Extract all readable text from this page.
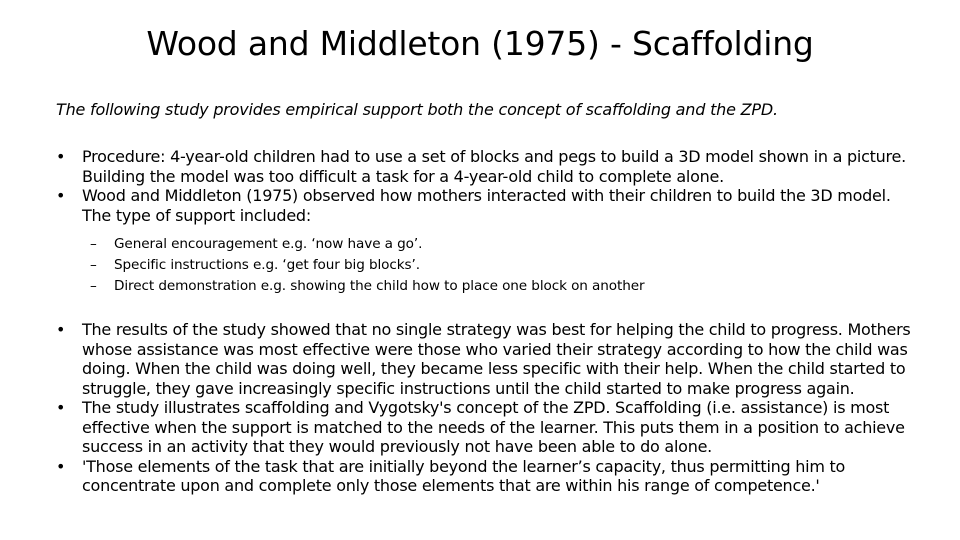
Wood and Middleton (1975) - Scaffolding
The following study provides empirical support both the concept of scaffolding and the ZPD.
•	Procedure: 4-year-old children had to use a set of blocks and pegs to build a 3D model shown in a picture. Building the model was too difficult a task for a 4-year-old child to complete alone.
•	Wood and Middleton (1975) observed how mothers interacted with their children to build the 3D model. The type of support included:
– General encouragement e.g. ‘now have a go’.
– Specific instructions e.g. ‘get four big blocks’.
– Direct demonstration e.g. showing the child how to place one block on another
•	The results of the study showed that no single strategy was best for helping the child to progress. Mothers whose assistance was most effective were those who varied their strategy according to how the child was doing. When the child was doing well, they became less specific with their help. When the child started to struggle, they gave increasingly specific instructions until the child started to make progress again.
•	The study illustrates scaffolding and Vygotsky's concept of the ZPD. Scaffolding (i.e. assistance) is most effective when the support is matched to the needs of the learner. This puts them in a position to achieve success in an activity that they would previously not have been able to do alone.
•	'Those elements of the task that are initially beyond the learner’s capacity, thus permitting him to concentrate upon and complete only those elements that are within his range of competence.'
